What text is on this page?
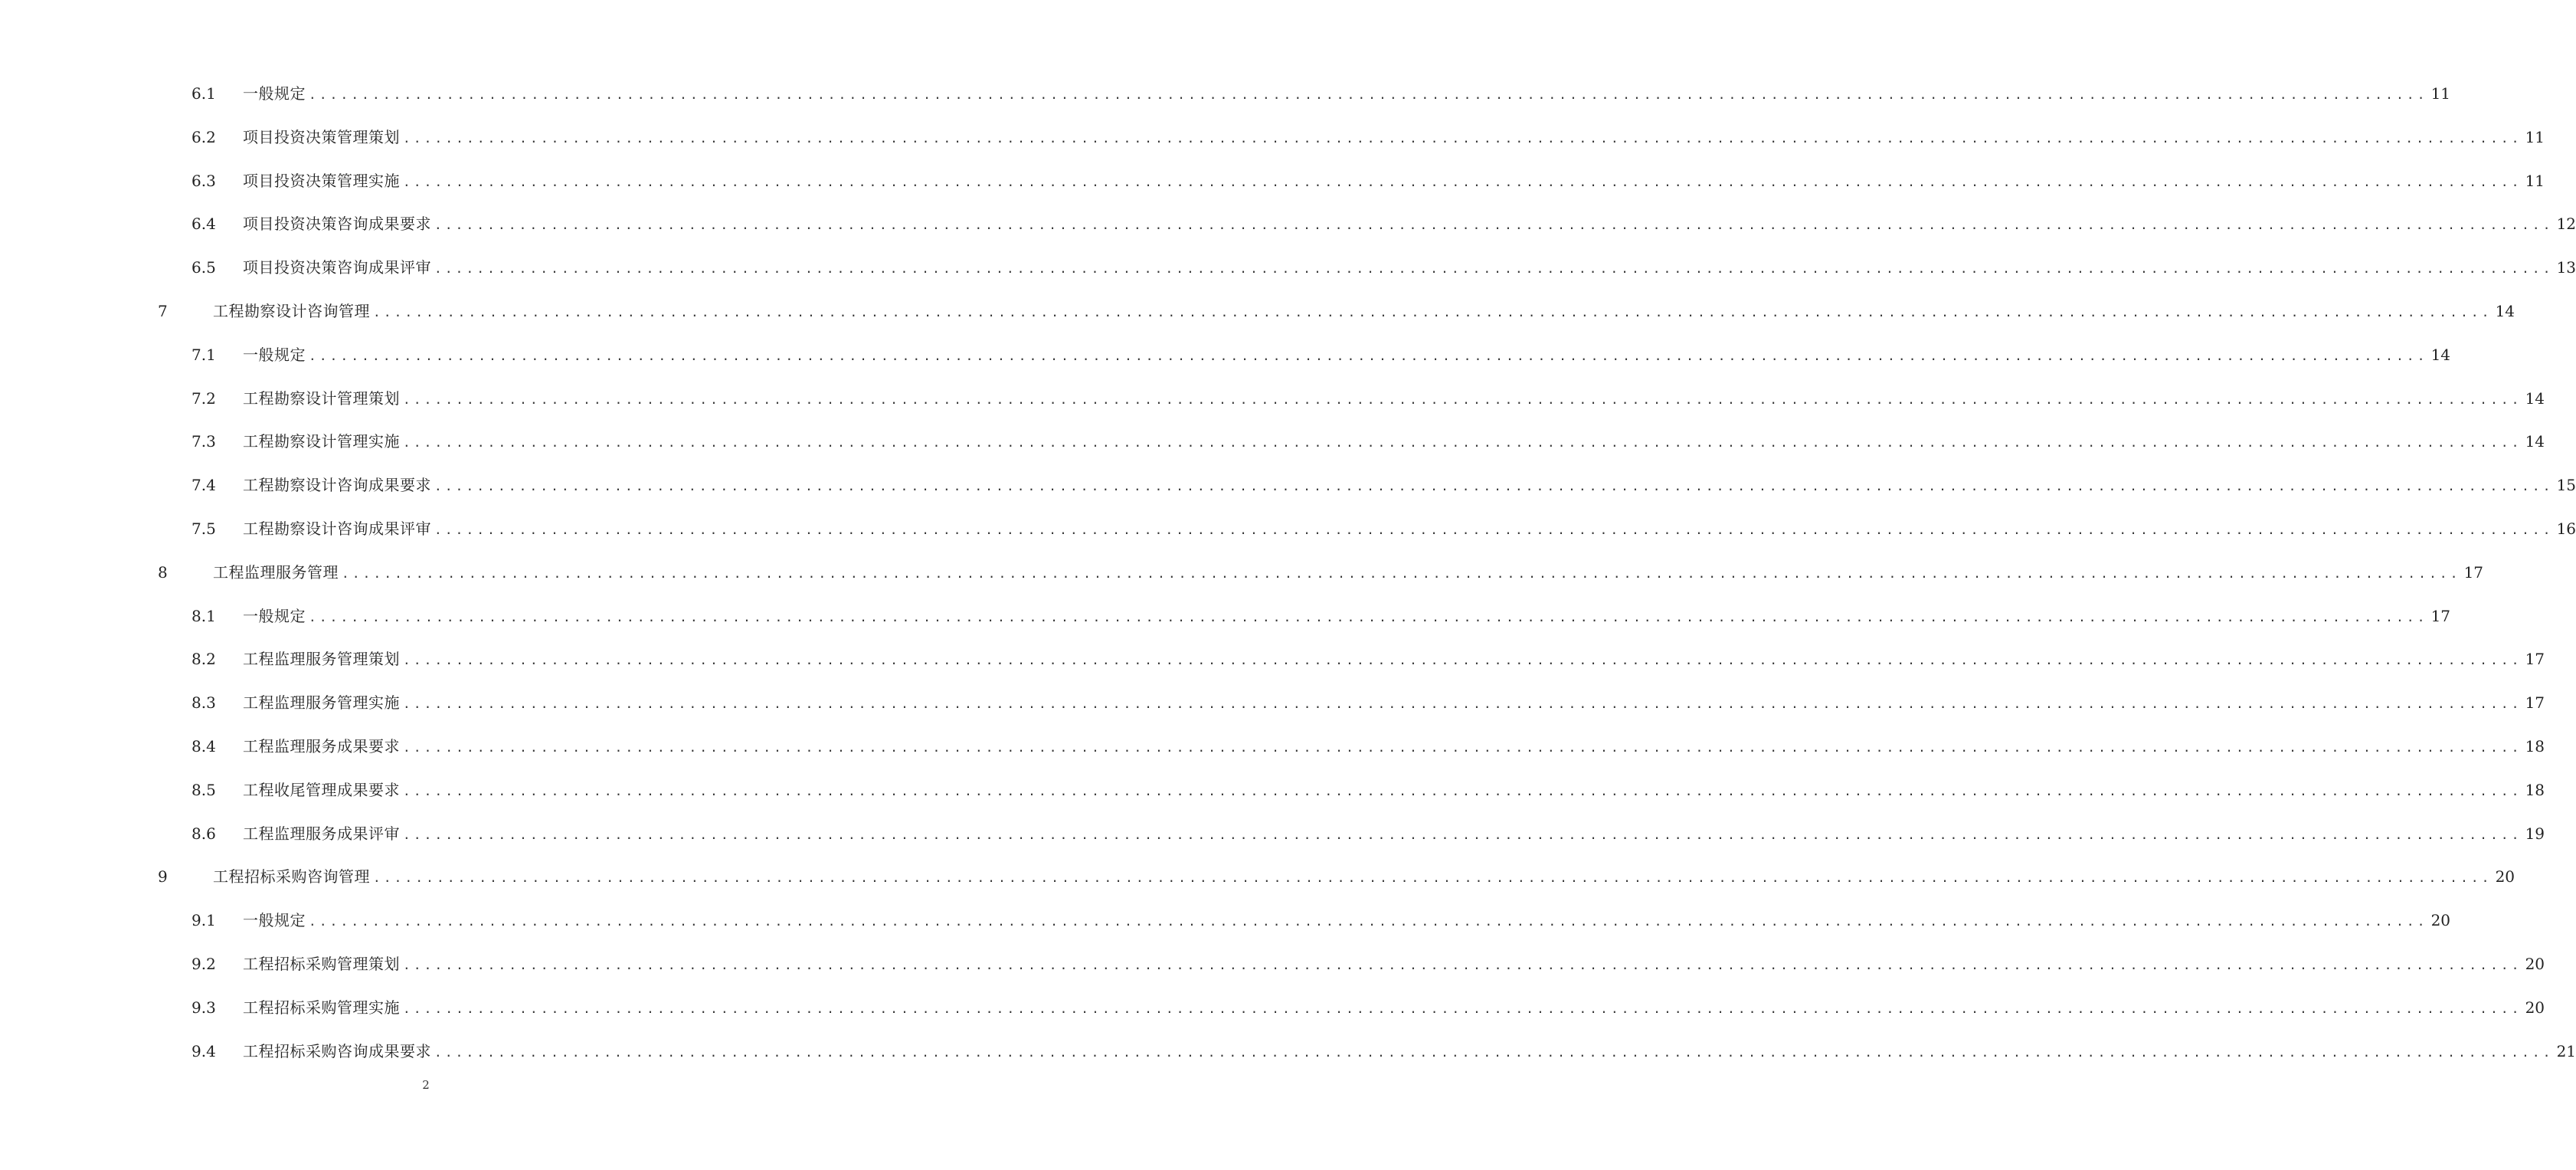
6.1 一般规定 ........................................................................................................................................................................................................ 11
6.2 项目投资决策管理策划 ........................................................................................................................................................................................................ 11
6.3 项目投资决策管理实施 ........................................................................................................................................................................................................ 11
6.4 项目投资决策咨询成果要求 ........................................................................................................................................................................................................ 12
6.5 项目投资决策咨询成果评审 ........................................................................................................................................................................................................ 13
7	工程勘察设计咨询管理 ........................................................................................................................................................................................................ 14
7.1 一般规定 ........................................................................................................................................................................................................ 14
7.2 工程勘察设计管理策划 ........................................................................................................................................................................................................ 14
7.3 工程勘察设计管理实施 ........................................................................................................................................................................................................ 14
7.4 工程勘察设计咨询成果要求 ........................................................................................................................................................................................................ 15
7.5 工程勘察设计咨询成果评审 ........................................................................................................................................................................................................ 16
8	工程监理服务管理 ........................................................................................................................................................................................................ 17
8.1 一般规定 ........................................................................................................................................................................................................ 17
8.2 工程监理服务管理策划 ........................................................................................................................................................................................................ 17
8.3 工程监理服务管理实施 ........................................................................................................................................................................................................ 17
8.4 工程监理服务成果要求 ........................................................................................................................................................................................................ 18
8.5 工程收尾管理成果要求 ........................................................................................................................................................................................................ 18
8.6 工程监理服务成果评审 ........................................................................................................................................................................................................ 19
9	工程招标采购咨询管理 ........................................................................................................................................................................................................ 20
9.1 一般规定 ........................................................................................................................................................................................................ 20
9.2 工程招标采购管理策划 ........................................................................................................................................................................................................ 20
9.3 工程招标采购管理实施 ........................................................................................................................................................................................................ 20
9.4 工程招标采购咨询成果要求 ........................................................................................................................................................................................................ 21
2
